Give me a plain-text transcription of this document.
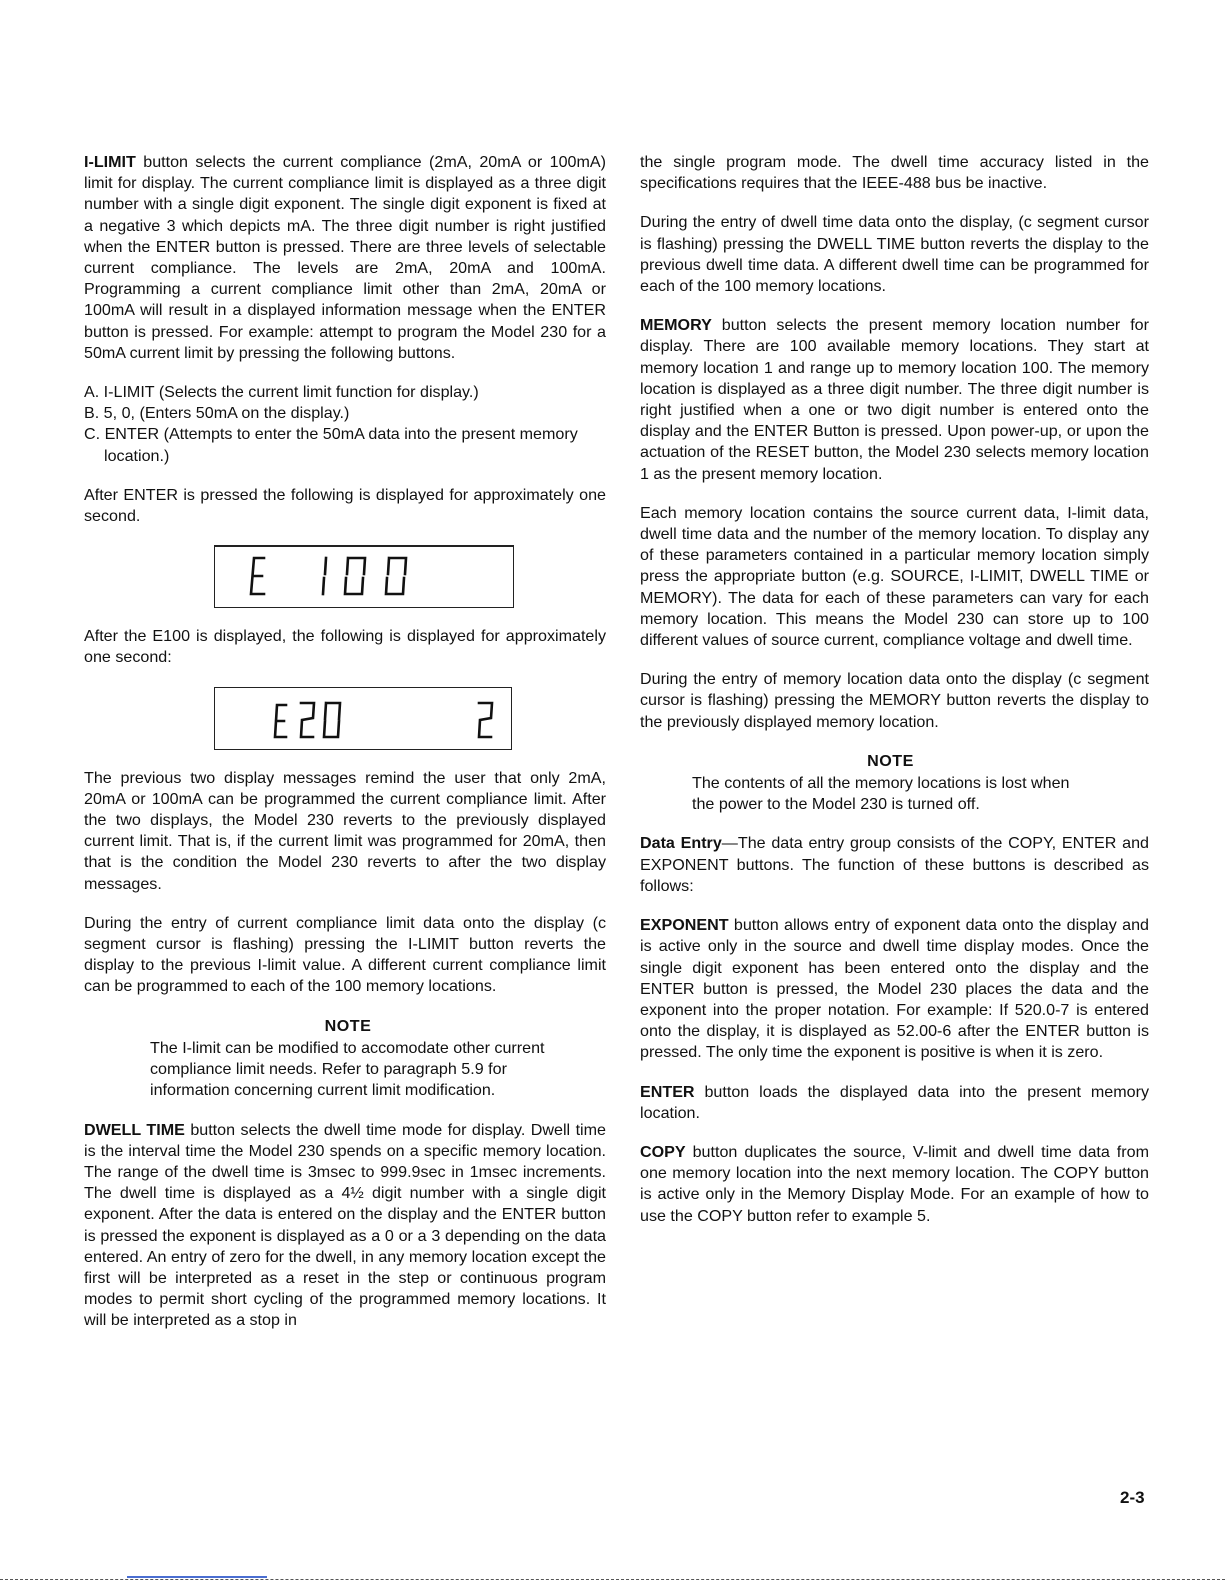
I-LIMIT button selects the current compliance (2mA, 20mA or 100mA) limit for display. The current compliance limit is displayed as a three digit number with a single digit exponent. The single digit exponent is fixed at a negative 3 which depicts mA. The three digit number is right justified when the ENTER button is pressed. There are three levels of selectable current compliance. The levels are 2mA, 20mA and 100mA. Programming a current compliance limit other than 2mA, 20mA or 100mA will result in a displayed information message when the ENTER button is pressed. For example: attempt to program the Model 230 for a 50mA current limit by pressing the following buttons.

A. I-LIMIT (Selects the current limit function for display.)
B. 5, 0, (Enters 50mA on the display.)
C. ENTER (Attempts to enter the 50mA data into the present memory location.)

After ENTER is pressed the following is displayed for approximately one second.

After the E100 is displayed, the following is displayed for approximately one second:

The previous two display messages remind the user that only 2mA, 20mA or 100mA can be programmed the current compliance limit. After the two displays, the Model 230 reverts to the previously displayed current limit. That is, if the current limit was programmed for 20mA, then that is the condition the Model 230 reverts to after the two display messages.

During the entry of current compliance limit data onto the display (c segment cursor is flashing) pressing the I-LIMIT button reverts the display to the previous I-limit value. A different current compliance limit can be programmed to each of the 100 memory locations.

NOTE
The I-limit can be modified to accomodate other current compliance limit needs. Refer to paragraph 5.9 for information concerning current limit modification.

DWELL TIME button selects the dwell time mode for display. Dwell time is the interval time the Model 230 spends on a specific memory location. The range of the dwell time is 3msec to 999.9sec in 1msec increments. The dwell time is displayed as a 4½ digit number with a single digit exponent. After the data is entered on the display and the ENTER button is pressed the exponent is displayed as a 0 or a 3 depending on the data entered. An entry of zero for the dwell, in any memory location except the first will be interpreted as a reset in the step or continuous program modes to permit short cycling of the programmed memory locations. It will be interpreted as a stop in

the single program mode. The dwell time accuracy listed in the specifications requires that the IEEE-488 bus be inactive.

During the entry of dwell time data onto the display, (c segment cursor is flashing) pressing the DWELL TIME button reverts the display to the previous dwell time data. A different dwell time can be programmed for each of the 100 memory locations.

MEMORY button selects the present memory location number for display. There are 100 available memory locations. They start at memory location 1 and range up to memory location 100. The memory location is displayed as a three digit number. The three digit number is right justified when a one or two digit number is entered onto the display and the ENTER Button is pressed. Upon power-up, or upon the actuation of the RESET button, the Model 230 selects memory location 1 as the present memory location.

Each memory location contains the source current data, I-limit data, dwell time data and the number of the memory location. To display any of these parameters contained in a particular memory location simply press the appropriate button (e.g. SOURCE, I-LIMIT, DWELL TIME or MEMORY). The data for each of these parameters can vary for each memory location. This means the Model 230 can store up to 100 different values of source current, compliance voltage and dwell time.

During the entry of memory location data onto the display (c segment cursor is flashing) pressing the MEMORY button reverts the display to the previously displayed memory location.

NOTE
The contents of all the memory locations is lost when the power to the Model 230 is turned off.

Data Entry—The data entry group consists of the COPY, ENTER and EXPONENT buttons. The function of these buttons is described as follows:

EXPONENT button allows entry of exponent data onto the display and is active only in the source and dwell time display modes. Once the single digit exponent has been entered onto the display and the ENTER button is pressed, the Model 230 places the data and the exponent into the proper notation. For example: If 520.0-7 is entered onto the display, it is displayed as 52.00-6 after the ENTER button is pressed. The only time the exponent is positive is when it is zero.

ENTER button loads the displayed data into the present memory location.

COPY button duplicates the source, V-limit and dwell time data from one memory location into the next memory location. The COPY button is active only in the Memory Display Mode. For an example of how to use the COPY button refer to example 5.

2-3
